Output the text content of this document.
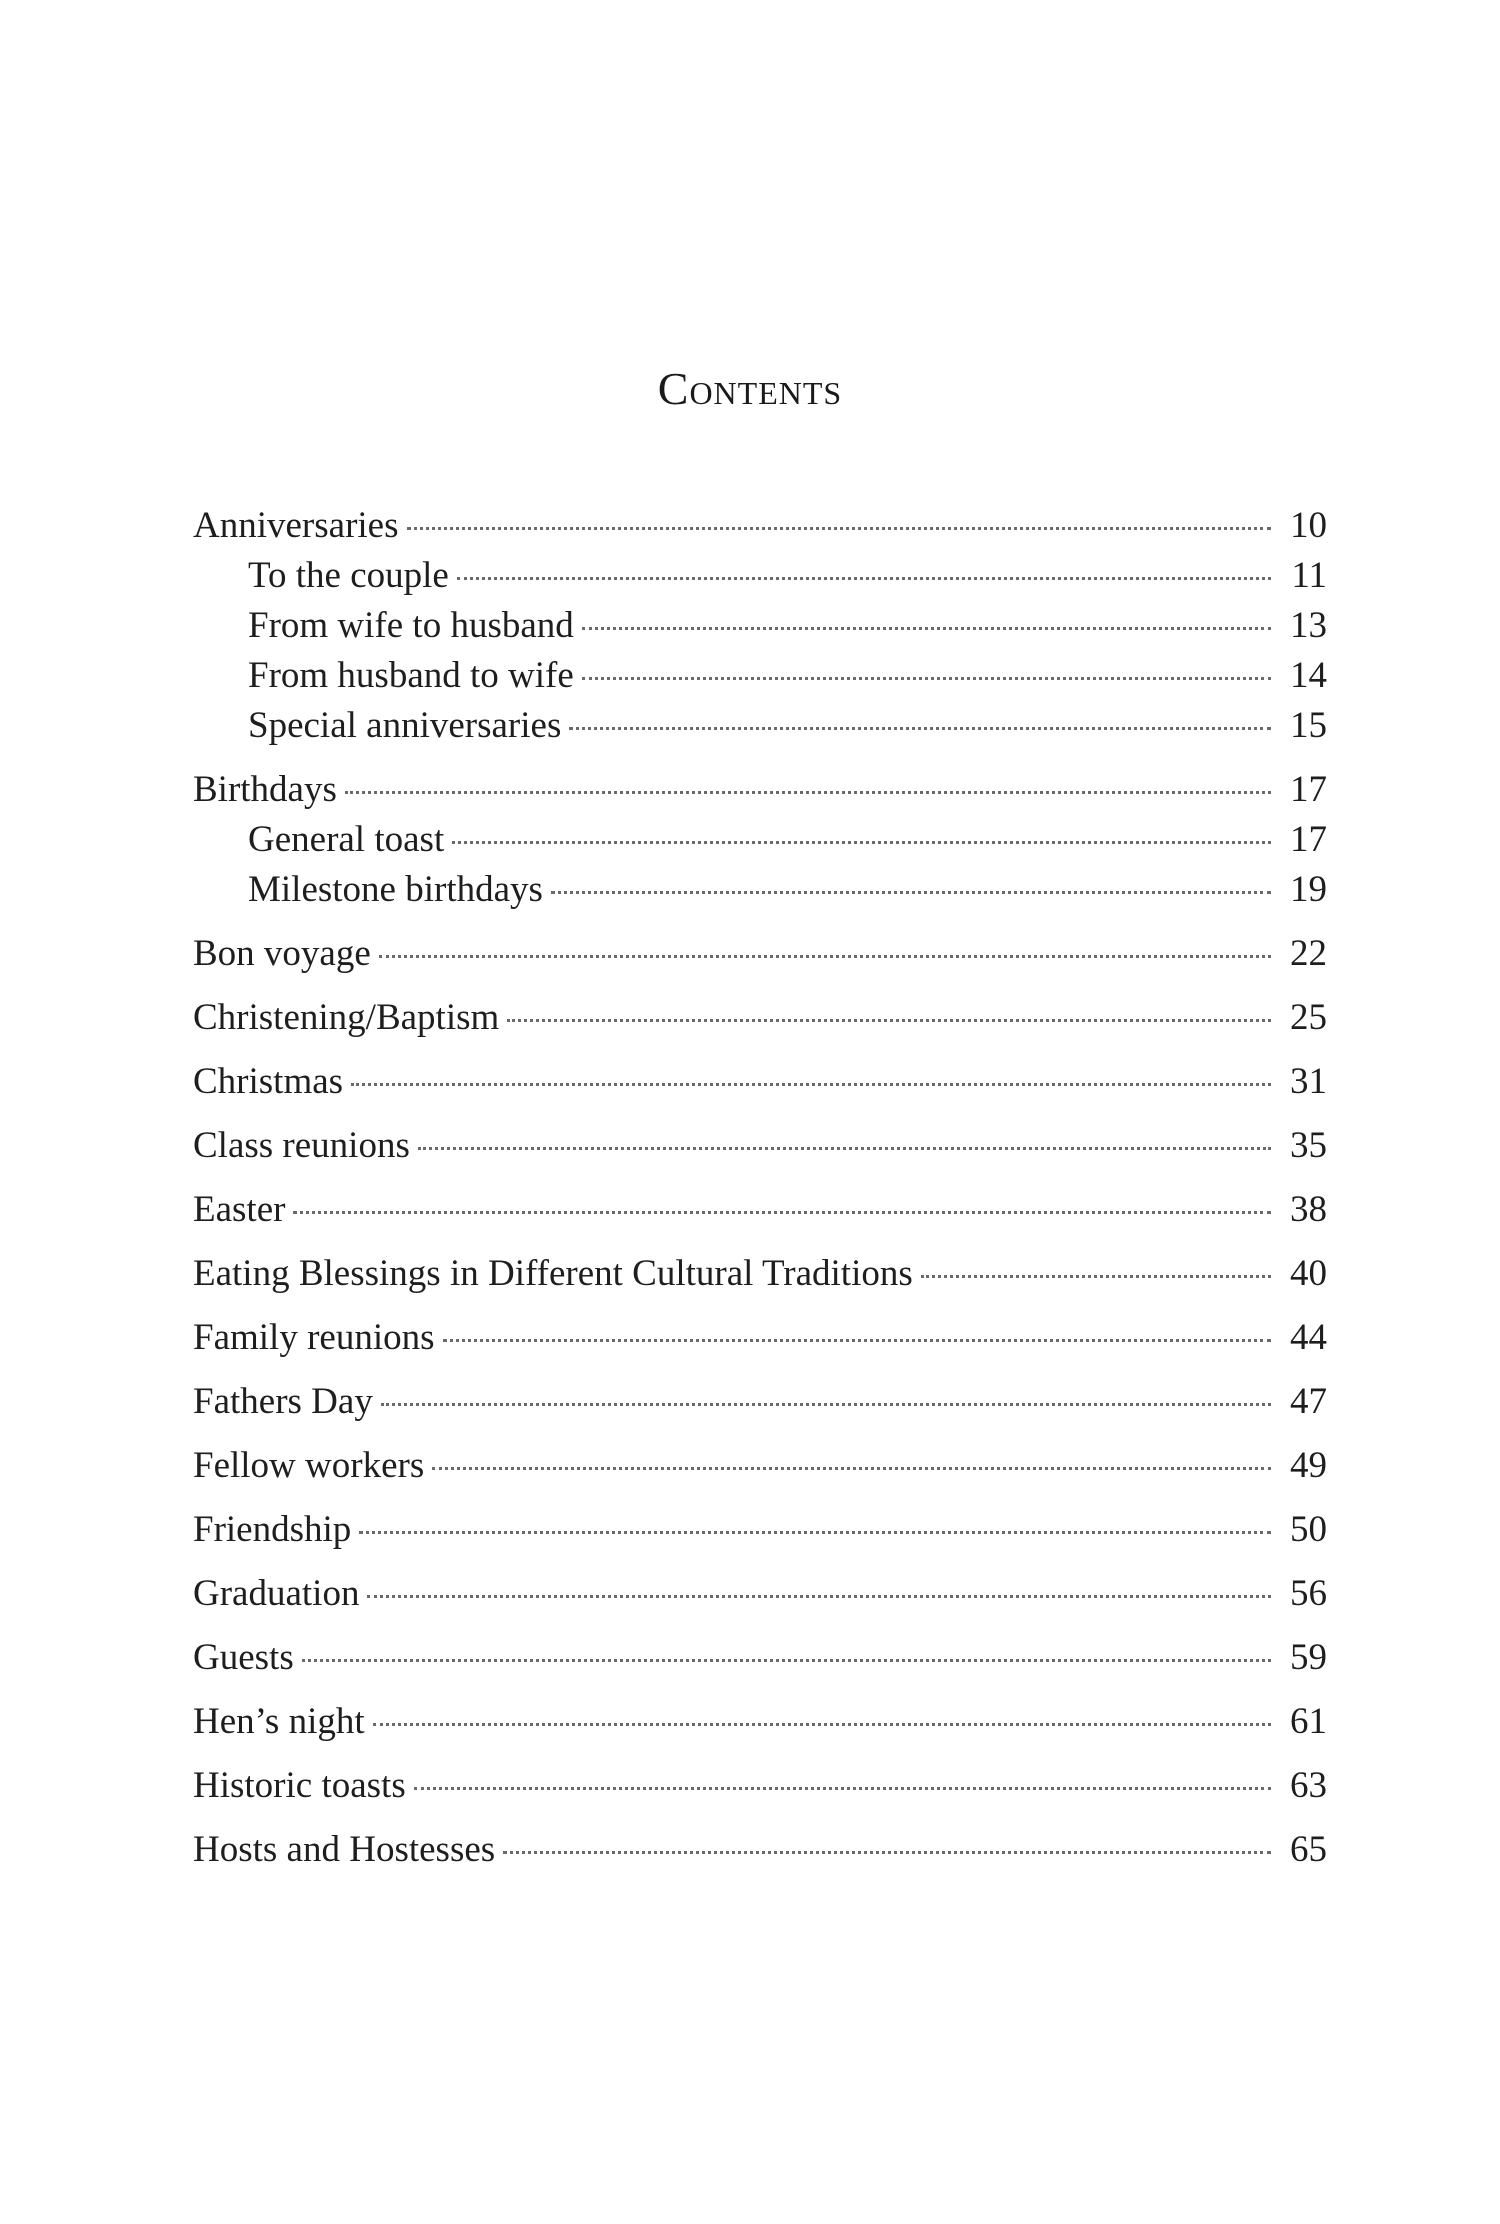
Contents
Anniversaries	10
To the couple	11
From wife to husband	13
From husband to wife	14
Special anniversaries	15
Birthdays	17
General toast	17
Milestone birthdays	19
Bon voyage	22
Christening/Baptism	25
Christmas	31
Class reunions	35
Easter	38
Eating Blessings in Different Cultural Traditions	40
Family reunions	44
Fathers Day	47
Fellow workers	49
Friendship	50
Graduation	56
Guests	59
Hen’s night	61
Historic toasts	63
Hosts and Hostesses	65
